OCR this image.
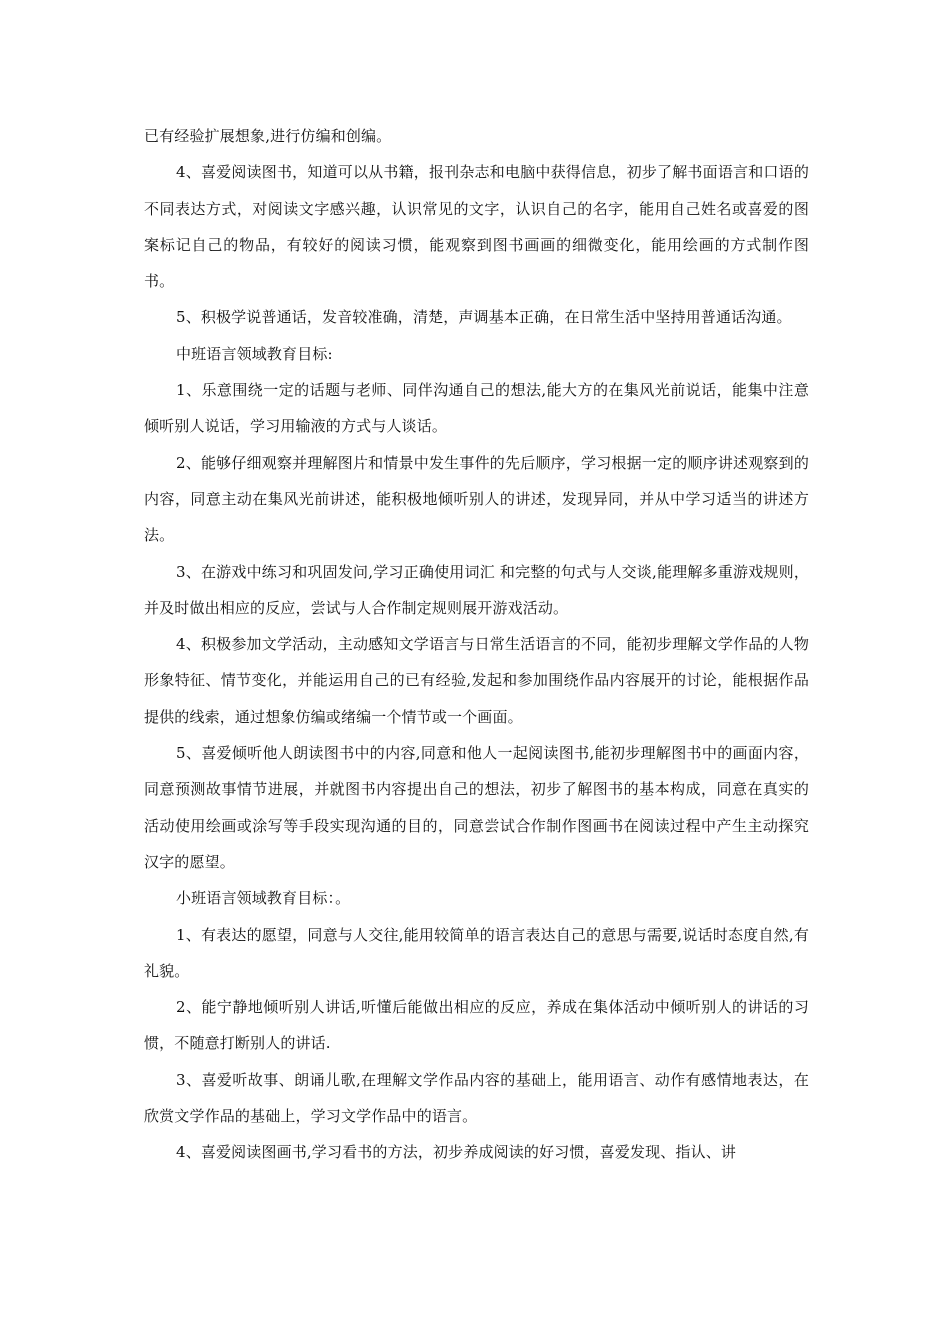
已有经验扩展想象,进行仿编和创编。

4、喜爱阅读图书，知道可以从书籍，报刊杂志和电脑中获得信息，初步了解书面语言和口语的不同表达方式，对阅读文字感兴趣，认识常见的文字，认识自己的名字，能用自己姓名或喜爱的图案标记自己的物品，有较好的阅读习惯，能观察到图书画画的细微变化，能用绘画的方式制作图书。

5、积极学说普通话，发音较准确，清楚，声调基本正确，在日常生活中坚持用普通话沟通。

中班语言领域教育目标:

1、乐意围绕一定的话题与老师、同伴沟通自己的想法,能大方的在集风光前说话，能集中注意倾听别人说话，学习用输液的方式与人谈话。

2、能够仔细观察并理解图片和情景中发生事件的先后顺序，学习根据一定的顺序讲述观察到的内容，同意主动在集风光前讲述，能积极地倾听别人的讲述，发现异同，并从中学习适当的讲述方法。

3、在游戏中练习和巩固发问,学习正确使用词汇 和完整的句式与人交谈,能理解多重游戏规则，并及时做出相应的反应，尝试与人合作制定规则展开游戏活动。

4、积极参加文学活动，主动感知文学语言与日常生活语言的不同，能初步理解文学作品的人物形象特征、情节变化，并能运用自己的已有经验,发起和参加围绕作品内容展开的讨论，能根据作品提供的线索，通过想象仿编或绪编一个情节或一个画面。

5、喜爱倾听他人朗读图书中的内容,同意和他人一起阅读图书,能初步理解图书中的画面内容，同意预测故事情节进展，并就图书内容提出自己的想法，初步了解图书的基本构成，同意在真实的活动使用绘画或涂写等手段实现沟通的目的，同意尝试合作制作图画书在阅读过程中产生主动探究汉字的愿望。

小班语言领域教育目标：。

1、有表达的愿望，同意与人交往,能用较简单的语言表达自己的意思与需要,说话时态度自然,有礼貌。

2、能宁静地倾听别人讲话,听懂后能做出相应的反应，养成在集体活动中倾听别人的讲话的习惯，不随意打断别人的讲话.

3、喜爱听故事、朗诵儿歌,在理解文学作品内容的基础上，能用语言、动作有感情地表达，在欣赏文学作品的基础上，学习文学作品中的语言。

4、喜爱阅读图画书,学习看书的方法，初步养成阅读的好习惯，喜爱发现、指认、讲
